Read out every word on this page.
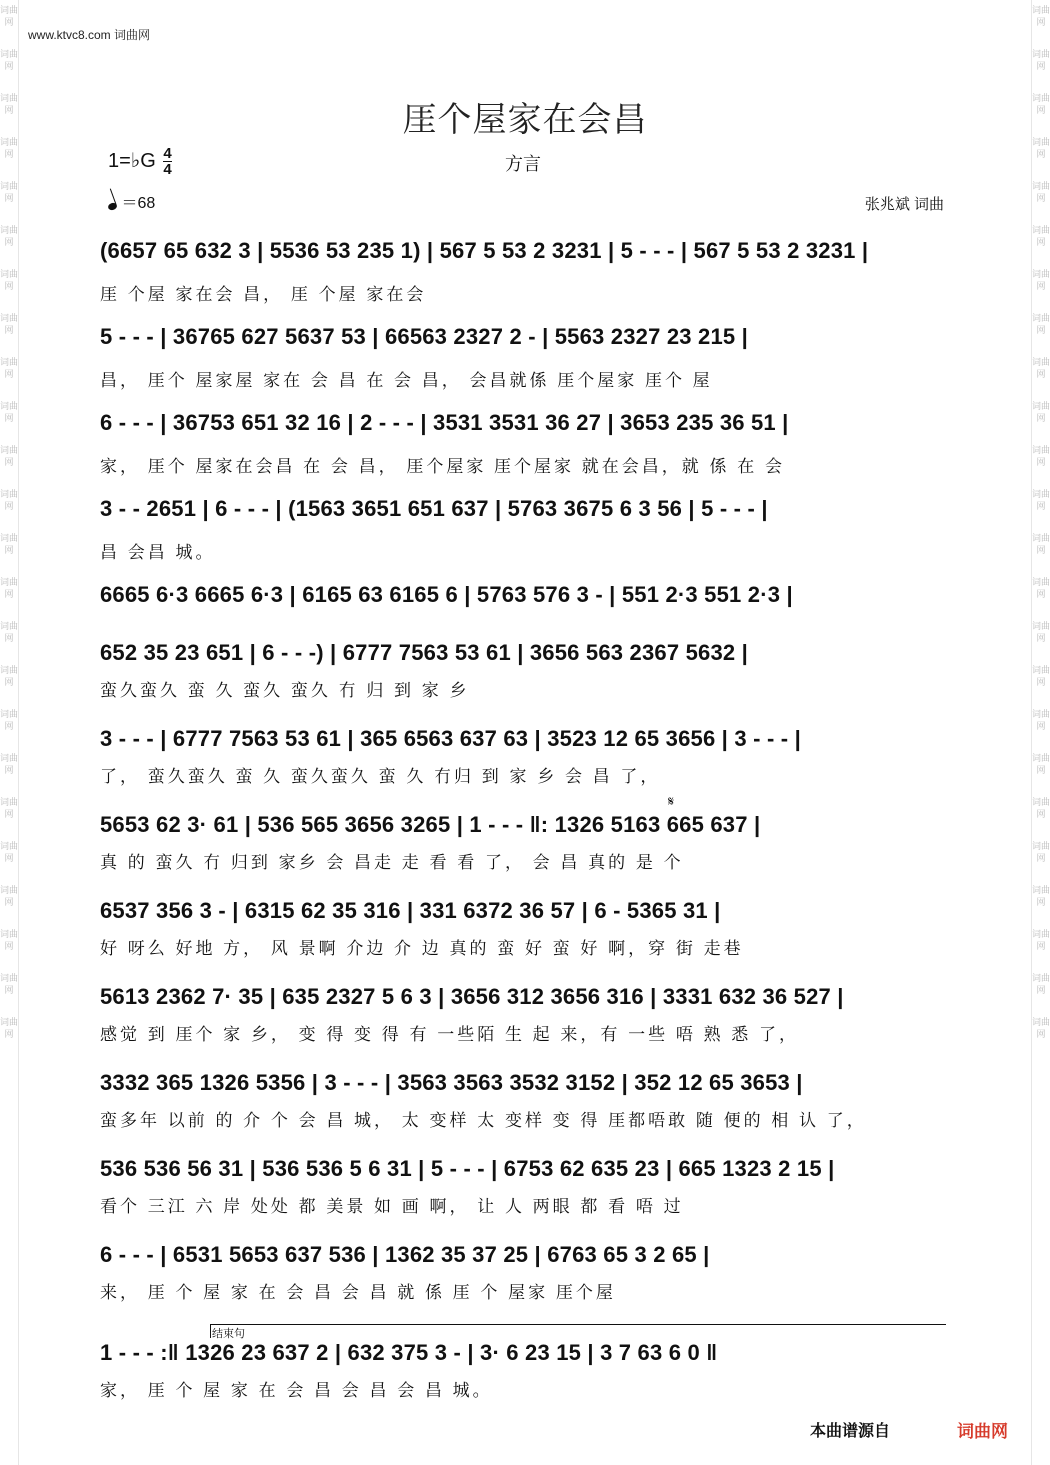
词曲网
词曲网
词曲网
词曲网
词曲网
词曲网
词曲网
词曲网
词曲网
词曲网
词曲网
词曲网
词曲网
词曲网
词曲网
词曲网
词曲网
词曲网
词曲网
词曲网
词曲网
词曲网
词曲网
词曲网
词曲网
词曲网
词曲网
词曲网
词曲网
词曲网
词曲网
词曲网
词曲网
词曲网
词曲网
词曲网
词曲网
词曲网
词曲网
词曲网
词曲网
词曲网
词曲网
词曲网
词曲网
词曲网
词曲网
词曲网
www.ktvc8.com 词曲网
厓个屋家在会昌
1=♭G $\frac{4}{4}$	方言
＝68	张兆斌 词曲
(6657 65 632 3 | 5536 53 235 1) | 567 5 53 2 3231 | 5 - - - | 567 5 53 2 3231 |
厓 个屋 家在会 昌， 厓 个屋 家在会
5 - - - | 36765 627 5637 53 | 66563 2327 2 - | 5563 2327 23 215 |
昌， 厓个 屋家屋 家在 会 昌 在 会 昌， 会昌就係 厓个屋家 厓个 屋
6 - - - | 36753 651 32 16 | 2 - - - | 3531 3531 36 27 | 3653 235 36 51 |
家， 厓个 屋家在会昌 在 会 昌， 厓个屋家 厓个屋家 就在会昌，就 係 在 会
3 - - 2651 | 6 - - - | (1563 3651 651 637 | 5763 3675 6 3 56 | 5 - - - |
昌 会昌 城。
6665 6·3 6665 6·3 | 6165 63 6165 6 | 5763 576 3 - | 551 2·3 551 2·3 |
652 35 23 651 | 6 - - -) | 6777 7563 53 61 | 3656 563 2367 5632 |
蛮久蛮久 蛮 久 蛮久 蛮久 冇 归 到 家 乡
3 - - - | 6777 7563 53 61 | 365 6563 637 63 | 3523 12 65 3656 | 3 - - - |
了， 蛮久蛮久 蛮 久 蛮久蛮久 蛮 久 冇归 到 家 乡 会 昌 了，
5653 62 3· 61 | 536 565 3656 3265 | 1 - - - ‖: 1326 5163 665 637 |
真 的 蛮久 冇 归到 家乡 会 昌走 走 看 看 了， 会 昌 真的 是 个
6537 356 3 - | 6315 62 35 316 | 331 6372 36 57 | 6 - 5365 31 |
好 呀么 好地 方， 风 景啊 介边 介 边 真的 蛮 好 蛮 好 啊，穿 街 走巷
5613 2362 7· 35 | 635 2327 5 6 3 | 3656 312 3656 316 | 3331 632 36 527 |
感觉 到 厓个 家 乡， 变 得 变 得 有 一些陌 生 起 来，有 一些 唔 熟 悉 了，
3332 365 1326 5356 | 3 - - - | 3563 3563 3532 3152 | 352 12 65 3653 |
蛮多年 以前 的 介 个 会 昌 城， 太 变样 太 变样 变 得 厓都唔敢 随 便的 相 认 了，
536 536 56 31 | 536 536 5 6 31 | 5 - - - | 6753 62 635 23 | 665 1323 2 15 |
看个 三江 六 岸 处处 都 美景 如 画 啊， 让 人 两眼 都 看 唔 过
6 - - - | 6531 5653 637 536 | 1362 35 37 25 | 6763 65 3 2 65 |
来， 厓 个 屋 家 在 会 昌 会 昌 就 係 厓 个 屋家 厓个屋
1 - - - :‖ 1326 23 637 2 | 632 375 3 - | 3· 6 23 15 | 3 7 63 6 0 ‖
家， 厓 个 屋 家 在 会 昌 会 昌 会 昌 城。
𝄋
结束句
本曲谱源自	词曲网
